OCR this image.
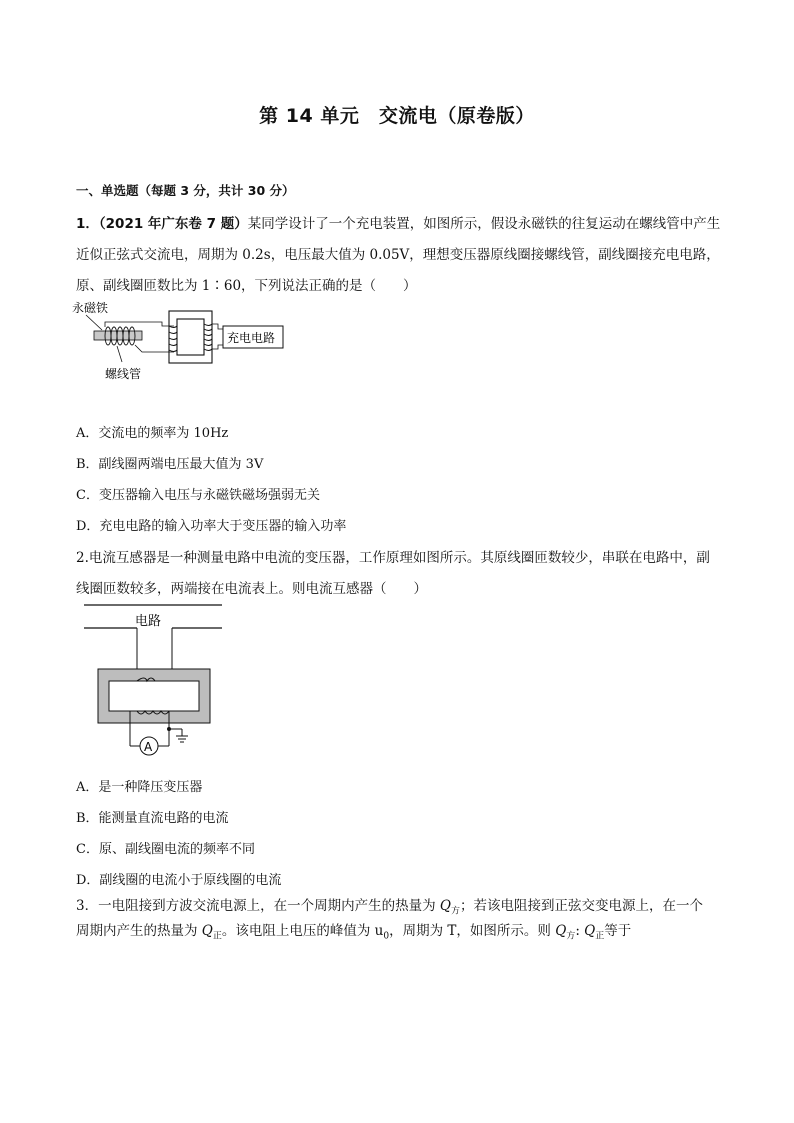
第 14 单元　交流电（原卷版）
一、单选题（每题 3 分，共计 30 分）
1．（2021 年广东卷 7 题）某同学设计了一个充电装置，如图所示，假设永磁铁的往复运动在螺线管中产生
近似正弦式交流电，周期为 0.2s，电压最大值为 0.05V，理想变压器原线圈接螺线管，副线圈接充电电路，
原、副线圈匝数比为 1∶60，下列说法正确的是（　　）
永磁铁
螺线管
充电电路
A．交流电的频率为 10Hz
B．副线圈两端电压最大值为 3V
C．变压器输入电压与永磁铁磁场强弱无关
D．充电电路的输入功率大于变压器的输入功率
2.电流互感器是一种测量电路中电流的变压器，工作原理如图所示。其原线圈匝数较少，串联在电路中，副
线圈匝数较多，两端接在电流表上。则电流互感器（　　）
电路
A
A．是一种降压变压器
B．能测量直流电路的电流
C．原、副线圈电流的频率不同
D．副线圈的电流小于原线圈的电流
3．一电阻接到方波交流电源上，在一个周期内产生的热量为 $Q_方$；若该电阻接到正弦交变电源上，在一个
周期内产生的热量为 $Q_正$。该电阻上电压的峰值为 $u_0$，周期为 T，如图所示。则 $Q_方$: $Q_正$等于
